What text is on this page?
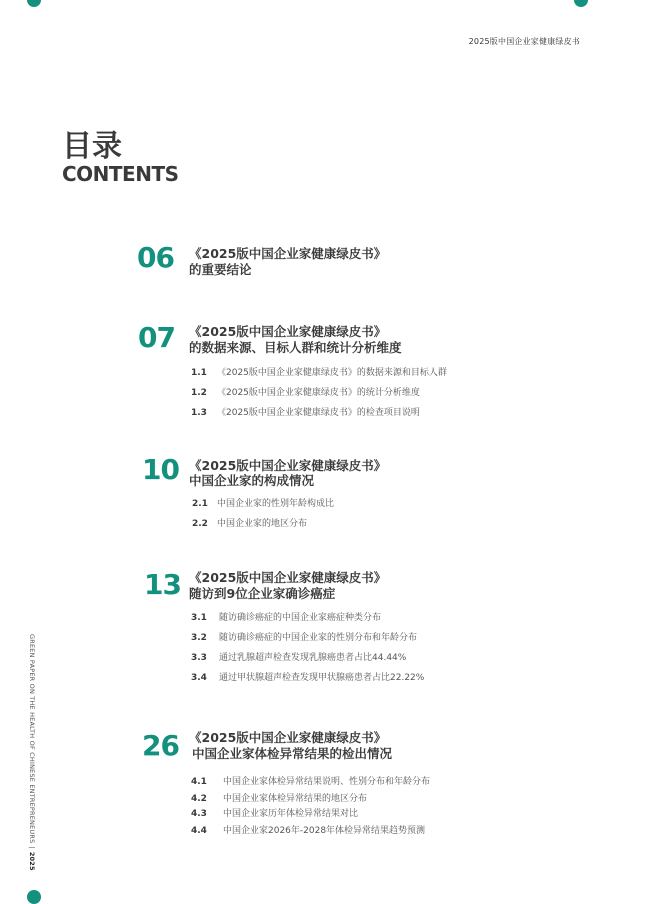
2025版中国企业家健康绿皮书
目录
CONTENTS
06 《2025版中国企业家健康绿皮书》
的重要结论
07 《2025版中国企业家健康绿皮书》
的数据来源、目标人群和统计分析维度
1.1 《2025版中国企业家健康绿皮书》的数据来源和目标人群
1.2 《2025版中国企业家健康绿皮书》的统计分析维度
1.3 《2025版中国企业家健康绿皮书》的检查项目说明
10 《2025版中国企业家健康绿皮书》
中国企业家的构成情况
2.1 中国企业家的性别年龄构成比
2.2 中国企业家的地区分布
13 《2025版中国企业家健康绿皮书》
随访到9位企业家确诊癌症
3.1 随访确诊癌症的中国企业家癌症种类分布
3.2 随访确诊癌症的中国企业家的性别分布和年龄分布
3.3 通过乳腺超声检查发现乳腺癌患者占比44.44%
3.4 通过甲状腺超声检查发现甲状腺癌患者占比22.22%
26 《2025版中国企业家健康绿皮书》
中国企业家体检异常结果的检出情况
4.1 中国企业家体检异常结果说明、性别分布和年龄分布
4.2 中国企业家体检异常结果的地区分布
4.3 中国企业家历年体检异常结果对比
4.4 中国企业家2026年-2028年体检异常结果趋势预测
GREEN PAPER ON THE HEALTH OF CHINESE ENTREPRENEURS|2025
